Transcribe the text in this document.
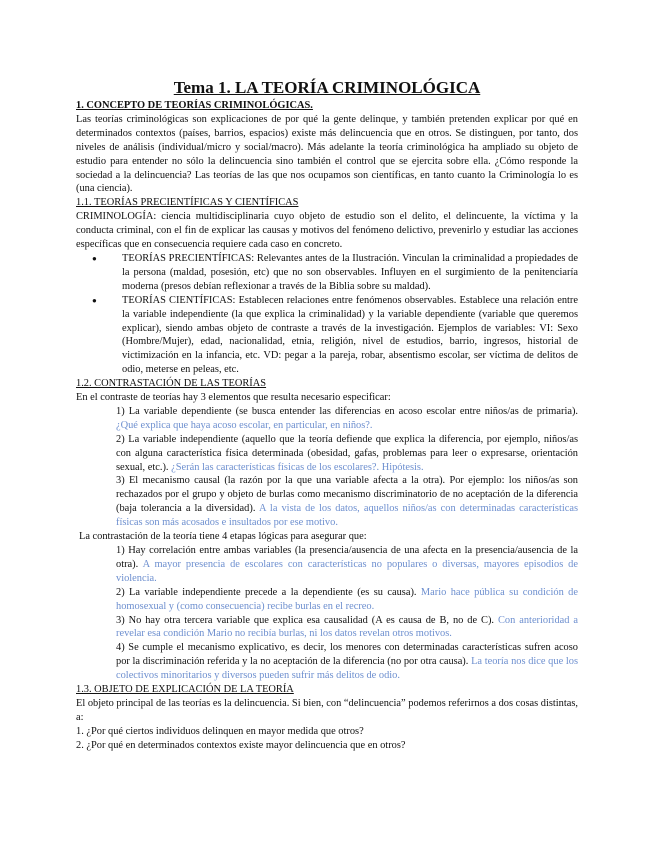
Tema 1. LA TEORÍA CRIMINOLÓGICA
1. CONCEPTO DE TEORÍAS CRIMINOLÓGICAS.

Las teorías criminológicas son explicaciones de por qué la gente delinque, y también pretenden explicar por qué en determinados contextos (países, barrios, espacios) existe más delincuencia que en otros. Se distinguen, por tanto, dos niveles de análisis (individual/micro y social/macro). Más adelante la teoría criminológica ha ampliado su objeto de estudio para entender no sólo la delincuencia sino también el control que se ejercita sobre ella. ¿Cómo responde la sociedad a la delincuencia? Las teorías de las que nos ocupamos son científicas, en tanto cuanto la Criminología lo es (una ciencia).

1.1. TEORÍAS PRECIENTÍFICAS Y CIENTÍFICAS

CRIMINOLOGÍA: ciencia multidisciplinaria cuyo objeto de estudio son el delito, el delincuente, la víctima y la conducta criminal, con el fin de explicar las causas y motivos del fenómeno delictivo, prevenirlo y estudiar las acciones específicas que en consecuencia requiere cada caso en concreto.

● TEORÍAS PRECIENTÍFICAS: Relevantes antes de la Ilustración. Vinculan la criminalidad a propiedades de la persona (maldad, posesión, etc) que no son observables. Influyen en el surgimiento de la penitenciaría moderna (presos debían reflexionar a través de la Biblia sobre su maldad).
● TEORÍAS CIENTÍFICAS: Establecen relaciones entre fenómenos observables. Establece una relación entre la variable independiente (la que explica la criminalidad) y la variable dependiente (variable que queremos explicar), siendo ambas objeto de contraste a través de la investigación. Ejemplos de variables: VI: Sexo (Hombre/Mujer), edad, nacionalidad, etnia, religión, nivel de estudios, barrio, ingresos, historial de victimización en la infancia, etc. VD: pegar a la pareja, robar, absentismo escolar, ser víctima de delitos de odio, meterse en peleas, etc.
1.2. CONTRASTACIÓN DE LAS TEORÍAS

En el contraste de teorías hay 3 elementos que resulta necesario especificar:

1) La variable dependiente (se busca entender las diferencias en acoso escolar entre niños/as de primaria). ¿Qué explica que haya acoso escolar, en particular, en niños?.

2) La variable independiente (aquello que la teoría defiende que explica la diferencia, por ejemplo, niños/as con alguna característica física determinada (obesidad, gafas, problemas para leer o expresarse, orientación sexual, etc.). ¿Serán las características físicas de los escolares?. Hipótesis.

3) El mecanismo causal (la razón por la que una variable afecta a la otra). Por ejemplo: los niños/as son rechazados por el grupo y objeto de burlas como mecanismo discriminatorio de no aceptación de la diferencia (baja tolerancia a la diversidad). A la vista de los datos, aquellos niños/as con determinadas características físicas son más acosados e insultados por ese motivo.

La contrastación de la teoría tiene 4 etapas lógicas para asegurar que:

1) Hay correlación entre ambas variables (la presencia/ausencia de una afecta en la presencia/ausencia de la otra). A mayor presencia de escolares con características no populares o diversas, mayores episodios de violencia.

2) La variable independiente precede a la dependiente (es su causa). Mario hace pública su condición de homosexual y (como consecuencia) recibe burlas en el recreo.

3) No hay otra tercera variable que explica esa causalidad (A es causa de B, no de C). Con anterioridad a revelar esa condición Mario no recibía burlas, ni los datos revelan otros motivos.

4) Se cumple el mecanismo explicativo, es decir, los menores con determinadas características sufren acoso por la discriminación referida y la no aceptación de la diferencia (no por otra causa). La teoría nos dice que los colectivos minoritarios y diversos pueden sufrir más delitos de odio.

1.3. OBJETO DE EXPLICACIÓN DE LA TEORÍA

El objeto principal de las teorías es la delincuencia. Si bien, con “delincuencia” podemos referirnos a dos cosas distintas, a:

1. ¿Por qué ciertos individuos delinquen en mayor medida que otros?

2. ¿Por qué en determinados contextos existe mayor delincuencia que en otros?
